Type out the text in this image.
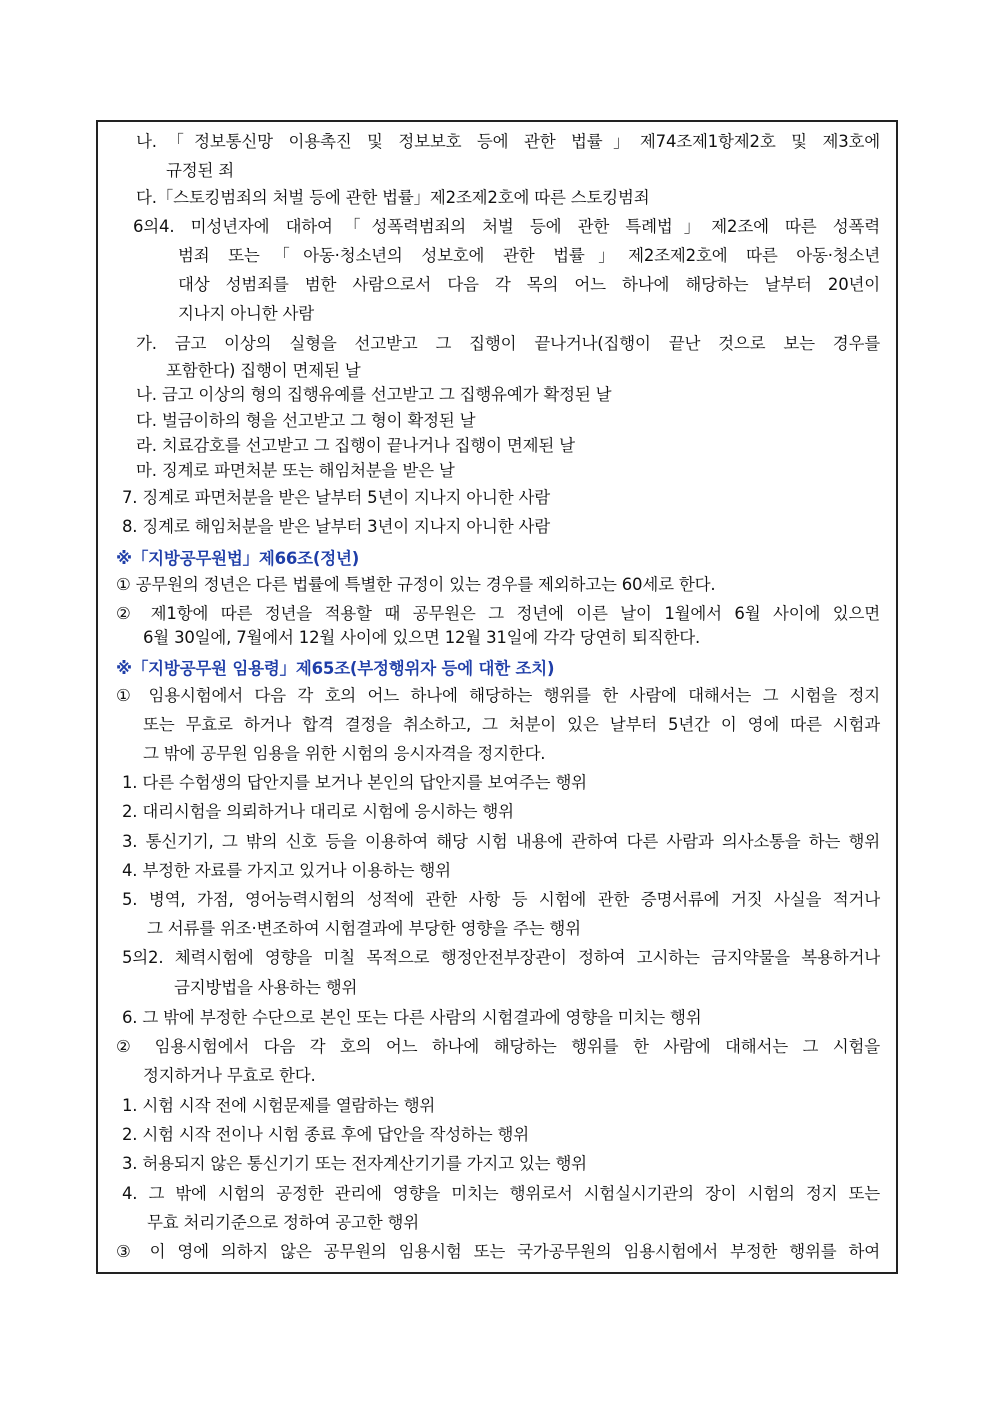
나.「정보통신망 이용촉진 및 정보보호 등에 관한 법률」제74조제1항제2호 및 제3호에
규정된 죄
다.「스토킹범죄의 처벌 등에 관한 법률」제2조제2호에 따른 스토킹범죄
6의4. 미성년자에 대하여「성폭력범죄의 처벌 등에 관한 특례법」제2조에 따른 성폭력
범죄 또는「아동·청소년의 성보호에 관한 법률」제2조제2호에 따른 아동·청소년
대상 성범죄를 범한 사람으로서 다음 각 목의 어느 하나에 해당하는 날부터 20년이
지나지 아니한 사람
가. 금고 이상의 실형을 선고받고 그 집행이 끝나거나(집행이 끝난 것으로 보는 경우를
포함한다) 집행이 면제된 날
나. 금고 이상의 형의 집행유예를 선고받고 그 집행유예가 확정된 날
다. 벌금이하의 형을 선고받고 그 형이 확정된 날
라. 치료감호를 선고받고 그 집행이 끝나거나 집행이 면제된 날
마. 징계로 파면처분 또는 해임처분을 받은 날
7. 징계로 파면처분을 받은 날부터 5년이 지나지 아니한 사람
8. 징계로 해임처분을 받은 날부터 3년이 지나지 아니한 사람
※「지방공무원법」제66조(정년)
① 공무원의 정년은 다른 법률에 특별한 규정이 있는 경우를 제외하고는 60세로 한다.
② 제1항에 따른 정년을 적용할 때 공무원은 그 정년에 이른 날이 1월에서 6월 사이에 있으면
6월 30일에, 7월에서 12월 사이에 있으면 12월 31일에 각각 당연히 퇴직한다.
※「지방공무원 임용령」제65조(부정행위자 등에 대한 조치)
① 임용시험에서 다음 각 호의 어느 하나에 해당하는 행위를 한 사람에 대해서는 그 시험을 정지
또는 무효로 하거나 합격 결정을 취소하고, 그 처분이 있은 날부터 5년간 이 영에 따른 시험과
그 밖에 공무원 임용을 위한 시험의 응시자격을 정지한다.
1. 다른 수험생의 답안지를 보거나 본인의 답안지를 보여주는 행위
2. 대리시험을 의뢰하거나 대리로 시험에 응시하는 행위
3. 통신기기, 그 밖의 신호 등을 이용하여 해당 시험 내용에 관하여 다른 사람과 의사소통을 하는 행위
4. 부정한 자료를 가지고 있거나 이용하는 행위
5. 병역, 가점, 영어능력시험의 성적에 관한 사항 등 시험에 관한 증명서류에 거짓 사실을 적거나
그 서류를 위조·변조하여 시험결과에 부당한 영향을 주는 행위
5의2. 체력시험에 영향을 미칠 목적으로 행정안전부장관이 정하여 고시하는 금지약물을 복용하거나
금지방법을 사용하는 행위
6. 그 밖에 부정한 수단으로 본인 또는 다른 사람의 시험결과에 영향을 미치는 행위
② 임용시험에서 다음 각 호의 어느 하나에 해당하는 행위를 한 사람에 대해서는 그 시험을
정지하거나 무효로 한다.
1. 시험 시작 전에 시험문제를 열람하는 행위
2. 시험 시작 전이나 시험 종료 후에 답안을 작성하는 행위
3. 허용되지 않은 통신기기 또는 전자계산기기를 가지고 있는 행위
4. 그 밖에 시험의 공정한 관리에 영향을 미치는 행위로서 시험실시기관의 장이 시험의 정지 또는
무효 처리기준으로 정하여 공고한 행위
③ 이 영에 의하지 않은 공무원의 임용시험 또는 국가공무원의 임용시험에서 부정한 행위를 하여
